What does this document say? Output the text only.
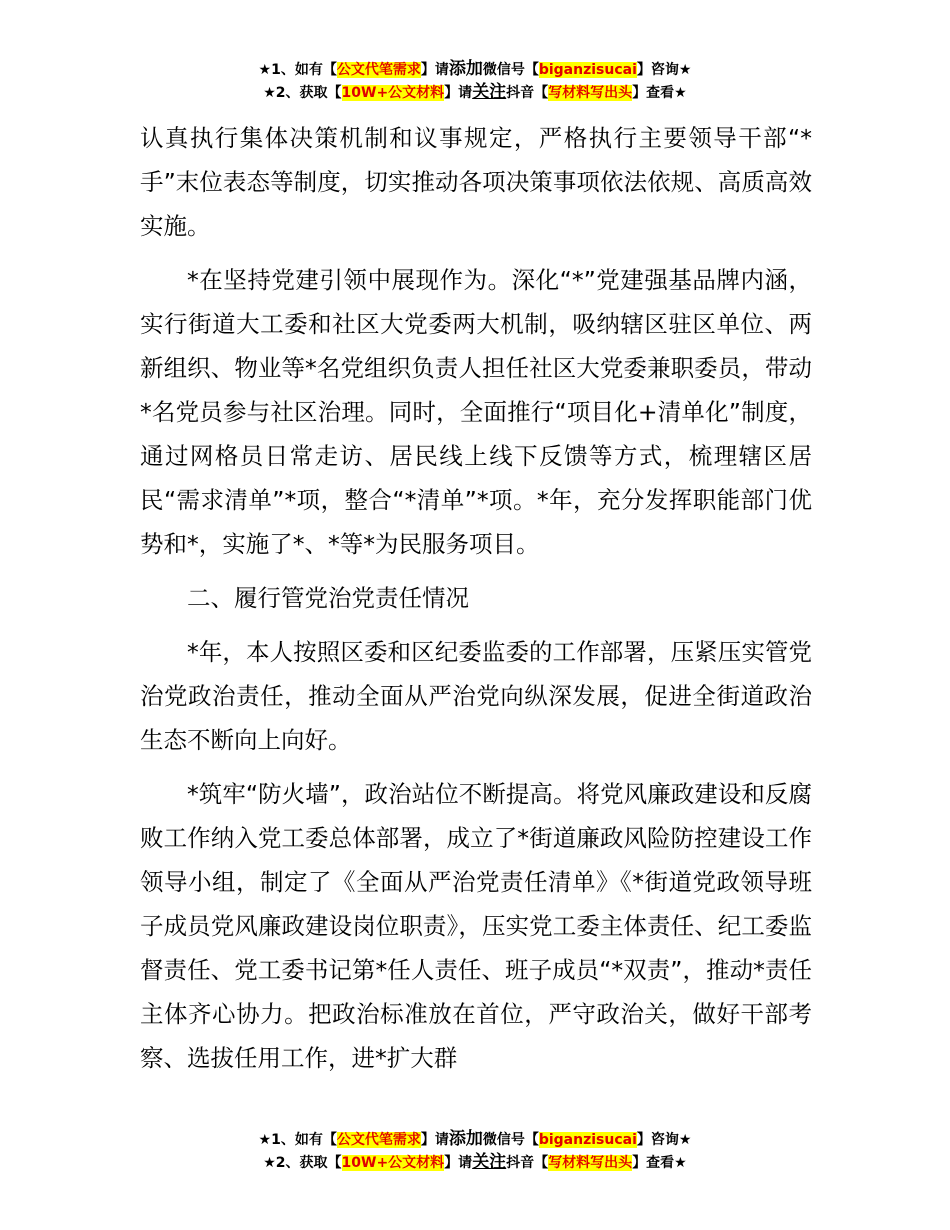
★1、如有【公文代笔需求】请添加微信号【biganzisucai】咨询★
★2、获取【10W+公文材料】请关注抖音【写材料写出头】查看★

认真执行集体决策机制和议事规定，严格执行主要领导干部“*手”末位表态等制度，切实推动各项决策事项依法依规、高质高效实施。

*在坚持党建引领中展现作为。深化“*”党建强基品牌内涵，实行街道大工委和社区大党委两大机制，吸纳辖区驻区单位、两新组织、物业等*名党组织负责人担任社区大党委兼职委员，带动*名党员参与社区治理。同时，全面推行“项目化+清单化”制度，通过网格员日常走访、居民线上线下反馈等方式，梳理辖区居民“需求清单”*项，整合“*清单”*项。*年，充分发挥职能部门优势和*，实施了*、*等*为民服务项目。

二、履行管党治党责任情况

*年，本人按照区委和区纪委监委的工作部署，压紧压实管党治党政治责任，推动全面从严治党向纵深发展，促进全街道政治生态不断向上向好。

*筑牢“防火墙”，政治站位不断提高。将党风廉政建设和反腐败工作纳入党工委总体部署，成立了*街道廉政风险防控建设工作领导小组，制定了《全面从严治党责任清单》《*街道党政领导班子成员党风廉政建设岗位职责》，压实党工委主体责任、纪工委监督责任、党工委书记第*任人责任、班子成员“*双责”，推动*责任主体齐心协力。把政治标准放在首位，严守政治关，做好干部考察、选拔任用工作，进*扩大群

★1、如有【公文代笔需求】请添加微信号【biganzisucai】咨询★
★2、获取【10W+公文材料】请关注抖音【写材料写出头】查看★
